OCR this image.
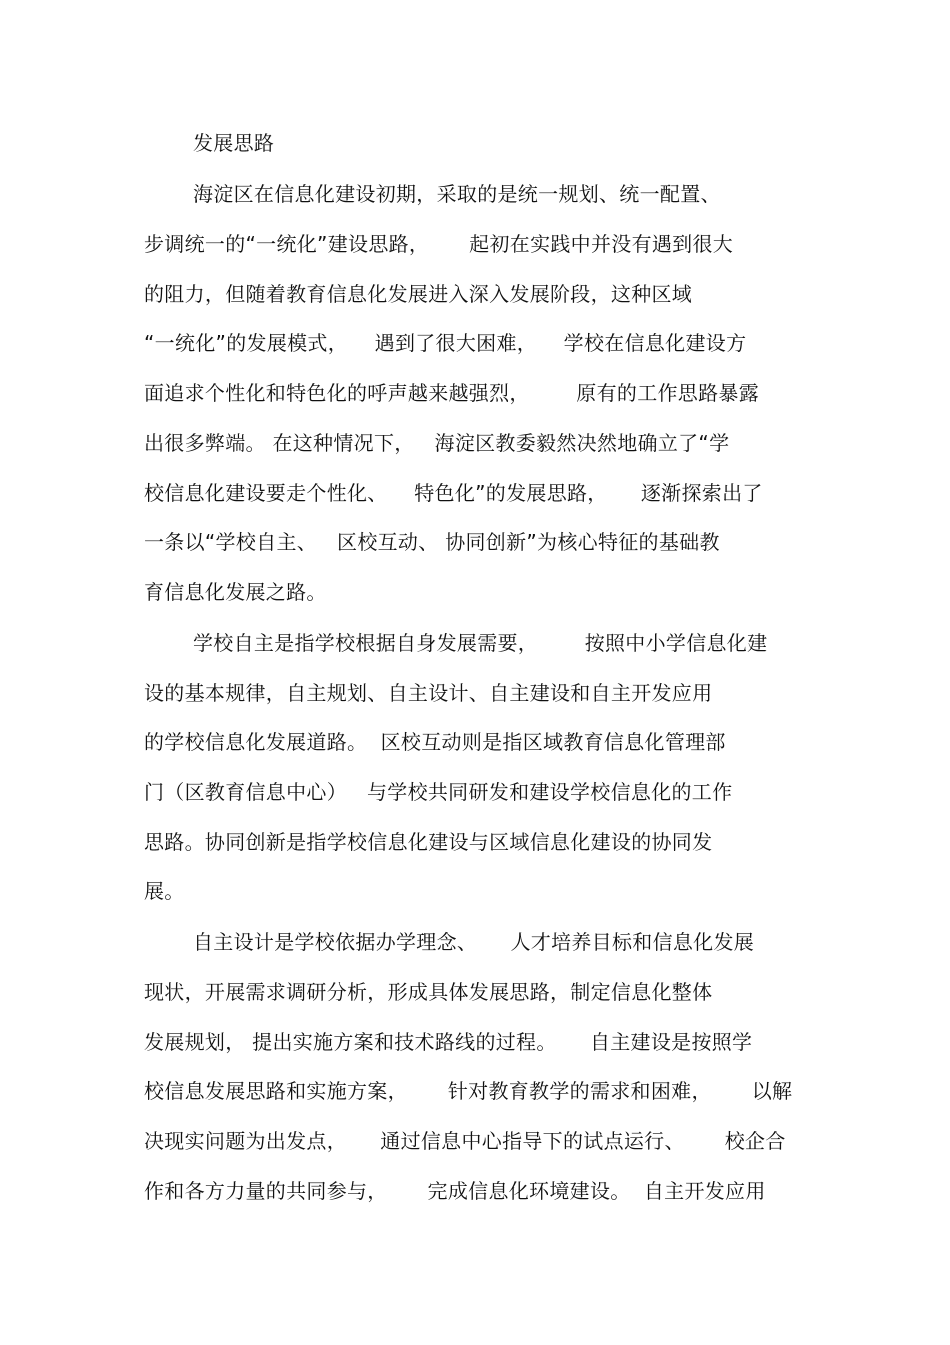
发展思路
海淀区在信息化建设初期，采取的是统一规划、统一配置、
步调统一的“一统化”建设思路，      起初在实践中并没有遇到很大
的阻力，但随着教育信息化发展进入深入发展阶段，这种区域
“一统化”的发展模式，    遇到了很大困难，    学校在信息化建设方
面追求个性化和特色化的呼声越来越强烈，       原有的工作思路暴露
出很多弊端。 在这种情况下，   海淀区教委毅然决然地确立了“学
校信息化建设要走个性化、    特色化”的发展思路，     逐渐探索出了
一条以“学校自主、   区校互动、 协同创新”为核心特征的基础教
育信息化发展之路。
学校自主是指学校根据自身发展需要，       按照中小学信息化建
设的基本规律，自主规划、自主设计、自主建设和自主开发应用
的学校信息化发展道路。  区校互动则是指区域教育信息化管理部
门（区教育信息中心）   与学校共同研发和建设学校信息化的工作
思路。协同创新是指学校信息化建设与区域信息化建设的协同发
展。
自主设计是学校依据办学理念、     人才培养目标和信息化发展
现状，开展需求调研分析，形成具体发展思路，制定信息化整体
发展规划， 提出实施方案和技术路线的过程。     自主建设是按照学
校信息发展思路和实施方案，      针对教育教学的需求和困难，      以解
决现实问题为出发点，     通过信息中心指导下的试点运行、      校企合
作和各方力量的共同参与，      完成信息化环境建设。  自主开发应用
